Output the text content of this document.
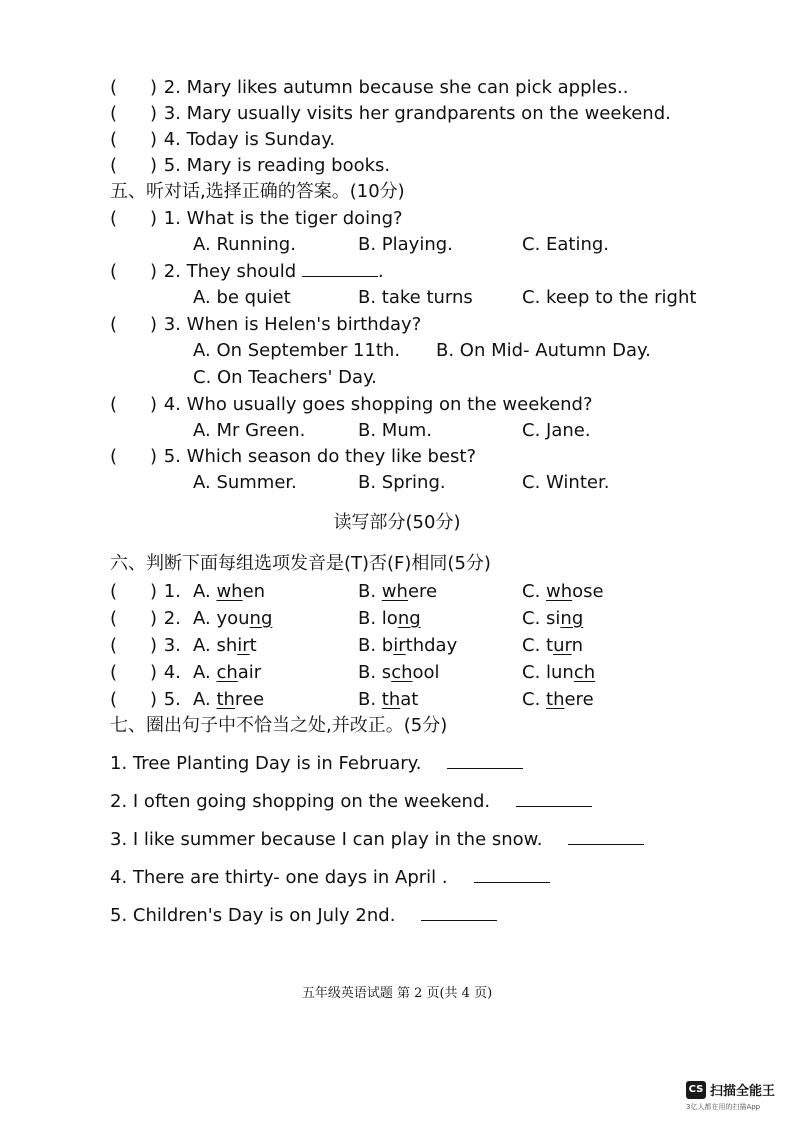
( ) 2. Mary likes autumn because she can pick apples..
( ) 3. Mary usually visits her grandparents on the weekend.
( ) 4. Today is Sunday.
( ) 5. Mary is reading books.
五、听对话,选择正确的答案。(10分)
( ) 1. What is the tiger doing?
A. Running.	B. Playing.	C. Eating.
( ) 2. They should	.
A. be quiet	B. take turns	C. keep to the right
( ) 3. When is Helen's birthday?
A. On September 11th. B. On Mid- Autumn Day.
C. On Teachers' Day.
( ) 4. Who usually goes shopping on the weekend?
A. Mr Green.	B. Mum.	C. Jane.
( ) 5. Which season do they like best?
A. Summer.	B. Spring.	C. Winter.
读写部分(50分)
六、判断下面每组选项发音是(T)否(F)相同(5分)
( ) 1. A. when	B. where	C. whose
( ) 2. A. young	B. long	C. sing
( ) 3. A. shirt	B. birthday	C. turn
( ) 4. A. chair	B. school	C. lunch
( ) 5. A. three	B. that	C. there
七、圈出句子中不恰当之处,并改正。(5分)
1. Tree Planting Day is in February.
2. I often going shopping on the weekend.
3. I like summer because I can play in the snow.
4. There are thirty- one days in April .
5. Children's Day is on July 2nd.
五年级英语试题 第 2 页(共 4 页)
CS 扫描全能王
3亿人都在用的扫描App
